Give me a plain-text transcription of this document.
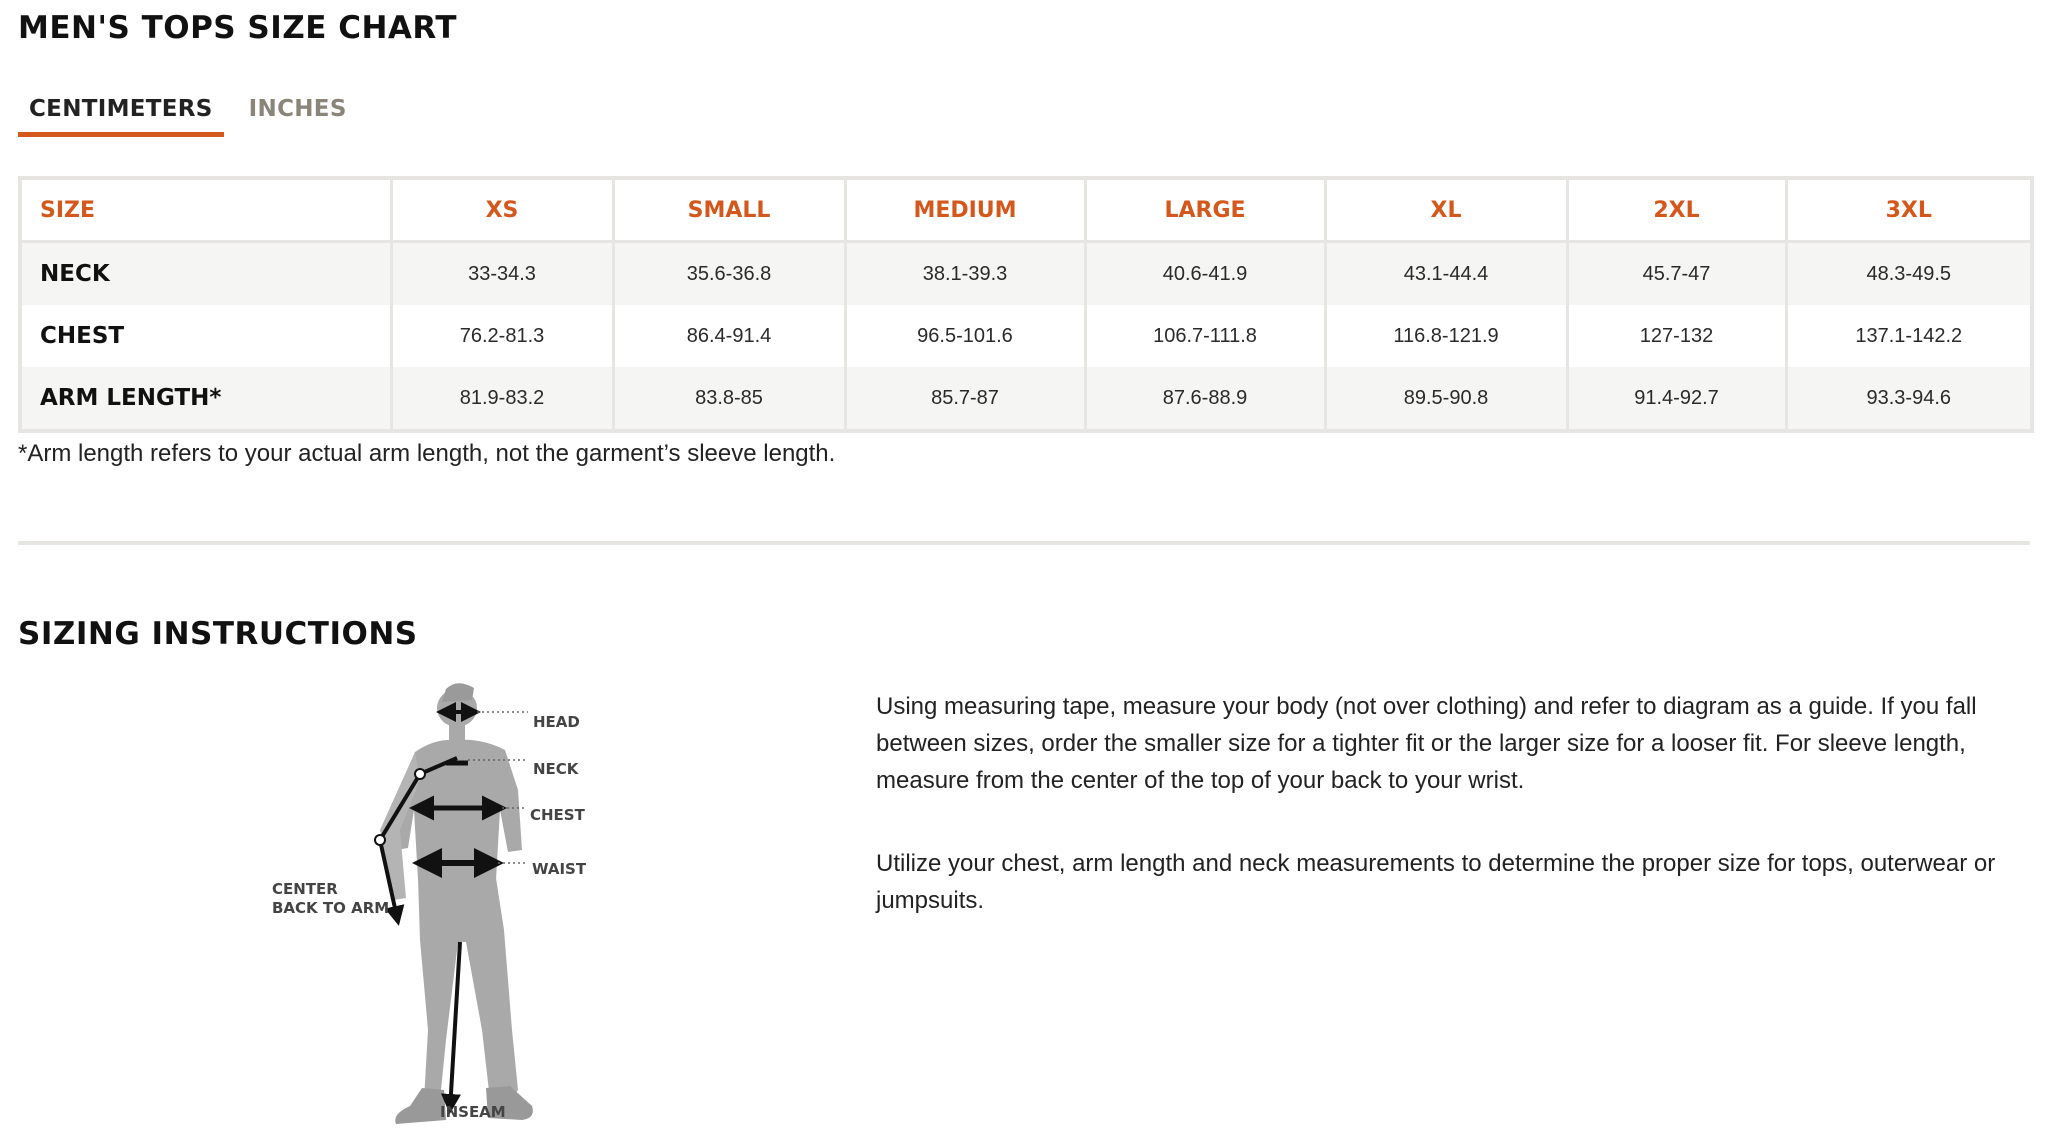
MEN'S TOPS SIZE CHART
CENTIMETERS	INCHES
SIZE	XS	SMALL	MEDIUM	LARGE	XL	2XL	3XL
NECK	33-34.3	35.6-36.8	38.1-39.3	40.6-41.9	43.1-44.4	45.7-47	48.3-49.5
CHEST	76.2-81.3	86.4-91.4	96.5-101.6	106.7-111.8	116.8-121.9	127-132	137.1-142.2
ARM LENGTH*	81.9-83.2	83.8-85	85.7-87	87.6-88.9	89.5-90.8	91.4-92.7	93.3-94.6

*Arm length refers to your actual arm length, not the garment’s sleeve length.

SIZING INSTRUCTIONS
HEAD
NECK
CHEST
WAIST
CENTER
BACK TO ARM
INSEAM

Using measuring tape, measure your body (not over clothing) and refer to diagram as a guide. If you fall between sizes, order the smaller size for a tighter fit or the larger size for a looser fit. For sleeve length, measure from the center of the top of your back to your wrist.

Utilize your chest, arm length and neck measurements to determine the proper size for tops, outerwear or jumpsuits.
